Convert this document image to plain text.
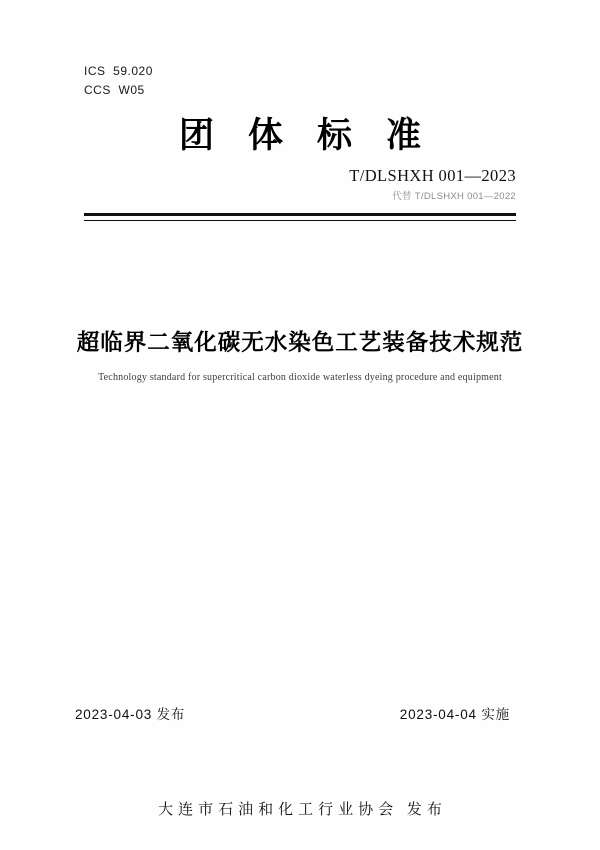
ICS  59.020
CCS  W05
团体标准
T/DLSHXH 001—2023
代替 T/DLSHXH 001—2022
超临界二氧化碳无水染色工艺装备技术规范
Technology standard for supercritical carbon dioxide waterless dyeing procedure and equipment
2023-04-03 发布	2023-04-04 实施
大连市石油和化工行业协会 发布
